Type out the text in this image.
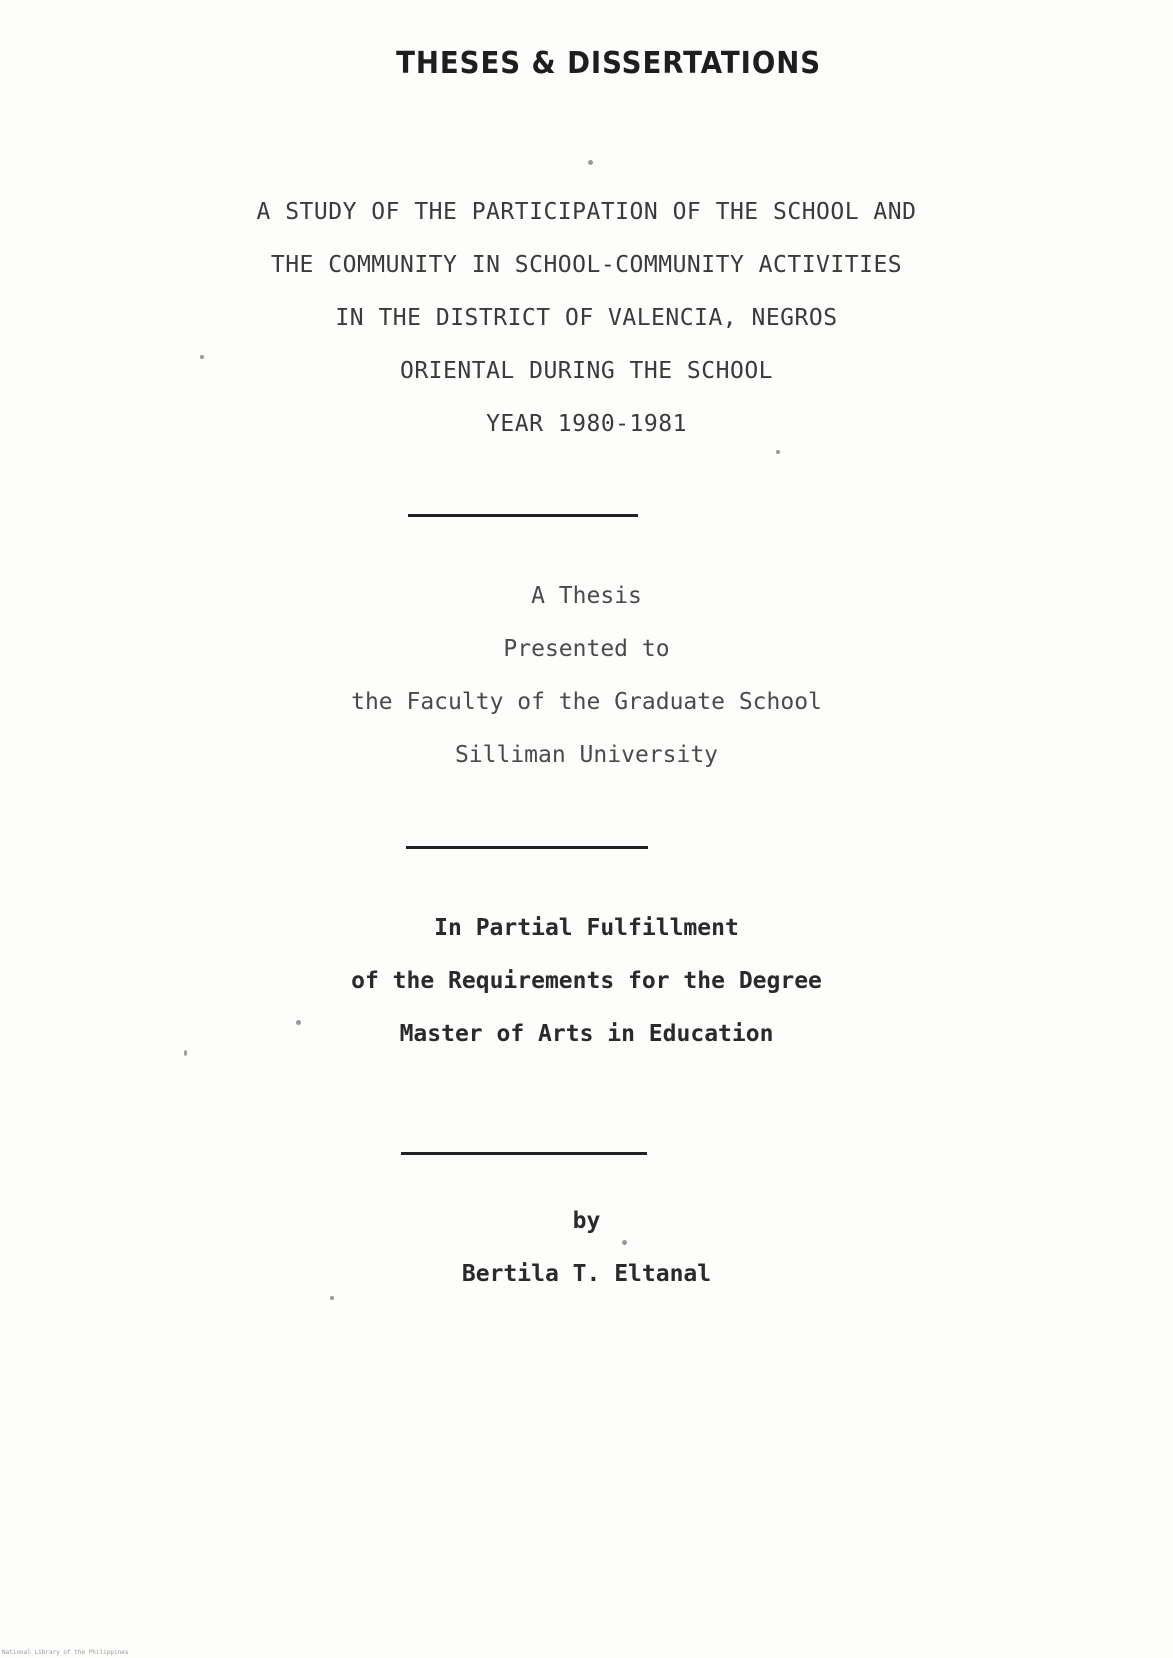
THESES & DISSERTATIONS
A STUDY OF THE PARTICIPATION OF THE SCHOOL AND
THE COMMUNITY IN SCHOOL-COMMUNITY ACTIVITIES
IN THE DISTRICT OF VALENCIA, NEGROS
ORIENTAL DURING THE SCHOOL
YEAR 1980-1981
A Thesis
Presented to
the Faculty of the Graduate School
Silliman University
In Partial Fulfillment
of the Requirements for the Degree
Master of Arts in Education
by
Bertila T. Eltanal
National Library of the Philippines
